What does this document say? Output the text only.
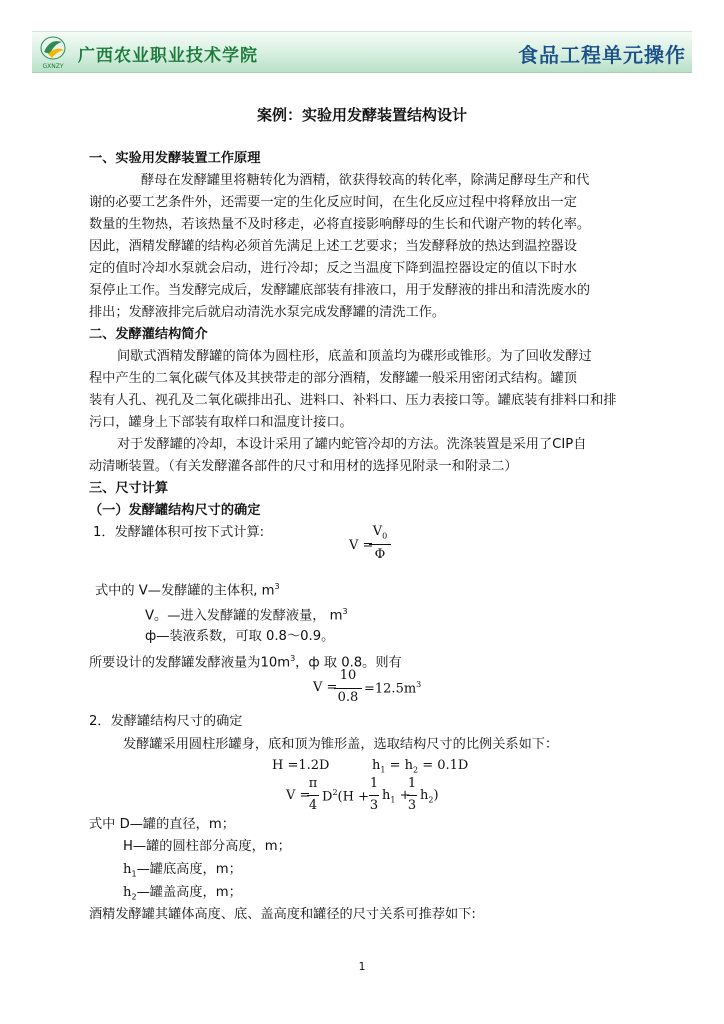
GXNZY
广西农业职业技术学院	食品工程单元操作
案例：实验用发酵装置结构设计
一、实验用发酵装置工作原理
酵母在发酵罐里将糖转化为酒精，欲获得较高的转化率，除满足酵母生产和代
谢的必要工艺条件外，还需要一定的生化反应时间，在生化反应过程中将释放出一定
数量的生物热，若该热量不及时移走，必将直接影响酵母的生长和代谢产物的转化率。
因此，酒精发酵罐的结构必须首先满足上述工艺要求；当发酵释放的热达到温控器设
定的值时冷却水泵就会启动，进行冷却；反之当温度下降到温控器设定的值以下时水
泵停止工作。当发酵完成后，发酵罐底部装有排液口，用于发酵液的排出和清洗废水的
排出；发酵液排完后就启动清洗水泵完成发酵罐的清洗工作。
二、发酵灌结构简介
间歇式酒精发酵罐的筒体为圆柱形，底盖和顶盖均为碟形或锥形。为了回收发酵过
程中产生的二氧化碳气体及其挟带走的部分酒精，发酵罐一般采用密闭式结构。罐顶
装有人孔、视孔及二氧化碳排出孔、进料口、补料口、压力表接口等。罐底装有排料口和排
污口，罐身上下部装有取样口和温度计接口。
对于发酵罐的冷却，本设计采用了罐内蛇管冷却的方法。洗涤装置是采用了CIP自
动清晰装置。（有关发酵灌各部件的尺寸和用材的选择见附录一和附录二）
三、尺寸计算
（一）发酵罐结构尺寸的确定
1．发酵罐体积可按下式计算:
V =
$V_0$
Φ
式中的 V—发酵罐的主体积, $m^3$
V。—进入发酵罐的发酵液量， $m^3$
ф—装液系数，可取 0.8～0.9。
所要设计的发酵罐发酵液量为$10m^3$，ф 取 0.8。则有
V =
10
0.8
$=12.5m^3$
2．发酵罐结构尺寸的确定
发酵罐采用圆柱形罐身，底和顶为锥形盖，选取结构尺寸的比例关系如下：
H =1.2D	$h_1 = h_2 = 0.1D$
V =
π
4
$D^2(H$ +
1
3
$h_1$ +
1
3
$h_2$)
式中 D—罐的直径，m；
H—罐的圆柱部分高度，m；
$h_1—$罐底高度，m；
$h_2—$罐盖高度，m；
酒精发酵罐其罐体高度、底、盖高度和罐径的尺寸关系可推荐如下:
1
